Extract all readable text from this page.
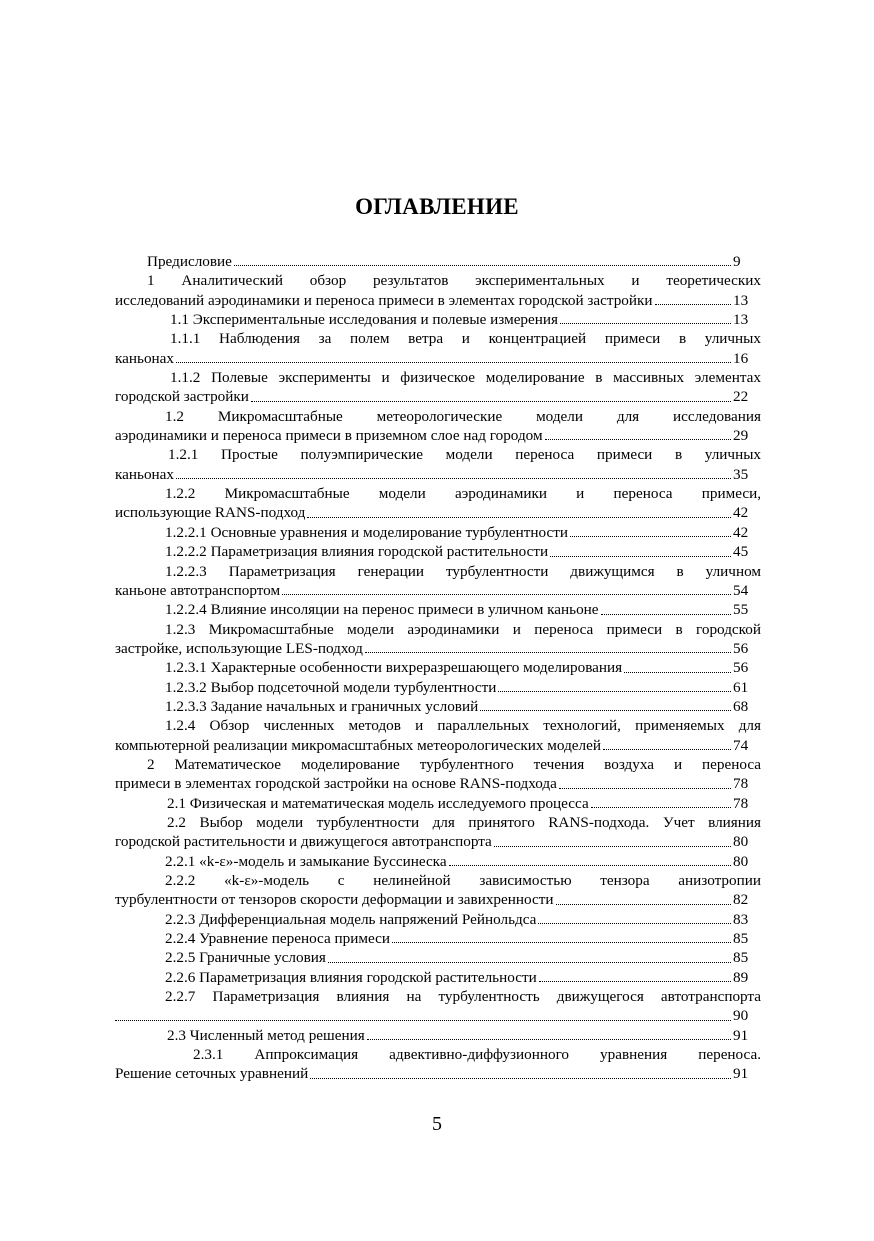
ОГЛАВЛЕНИЕ
Предисловие	9
1 Аналитический обзор результатов экспериментальных и теоретических
исследований аэродинамики и переноса примеси в элементах городской застройки	13
1.1 Экспериментальные исследования и полевые измерения	13
1.1.1 Наблюдения за полем ветра и концентрацией примеси в уличных
каньонах	16
1.1.2 Полевые эксперименты и физическое моделирование в массивных элементах
городской застройки	22
1.2 Микромасштабные метеорологические модели для исследования
аэродинамики и переноса примеси в приземном слое над городом	29
1.2.1 Простые полуэмпирические модели переноса примеси в уличных
каньонах	35
1.2.2 Микромасштабные модели аэродинамики и переноса примеси,
использующие RANS-подход	42
1.2.2.1 Основные уравнения и моделирование турбулентности	42
1.2.2.2 Параметризация влияния городской растительности	45
1.2.2.3 Параметризация генерации турбулентности движущимся в уличном
каньоне автотранспортом	54
1.2.2.4 Влияние инсоляции на перенос примеси в уличном каньоне	55
1.2.3 Микромасштабные модели аэродинамики и переноса примеси в городской
застройке, использующие LES-подход	56
1.2.3.1 Характерные особенности вихреразрешающего моделирования	56
1.2.3.2 Выбор подсеточной модели турбулентности	61
1.2.3.3 Задание начальных и граничных условий	68
1.2.4 Обзор численных методов и параллельных технологий, применяемых для
компьютерной реализации микромасштабных метеорологических моделей	74
2 Математическое моделирование турбулентного течения воздуха и переноса
примеси в элементах городской застройки на основе RANS-подхода	78
2.1 Физическая и математическая модель исследуемого процесса	78
2.2 Выбор модели турбулентности для принятого RANS-подхода. Учет влияния
городской растительности и движущегося автотранспорта	80
2.2.1 «k-ε»-модель и замыкание Буссинеска	80
2.2.2 «k-ε»-модель с нелинейной зависимостью тензора анизотропии
турбулентности от тензоров скорости деформации и завихренности	82
2.2.3 Дифференциальная модель напряжений Рейнольдса	83
2.2.4 Уравнение переноса примеси	85
2.2.5 Граничные условия	85
2.2.6 Параметризация влияния городской растительности	89
2.2.7 Параметризация влияния на турбулентность движущегося автотранспорта
90
2.3 Численный метод решения	91
2.3.1 Аппроксимация адвективно-диффузионного уравнения переноса.
Решение сеточных уравнений	91
5
